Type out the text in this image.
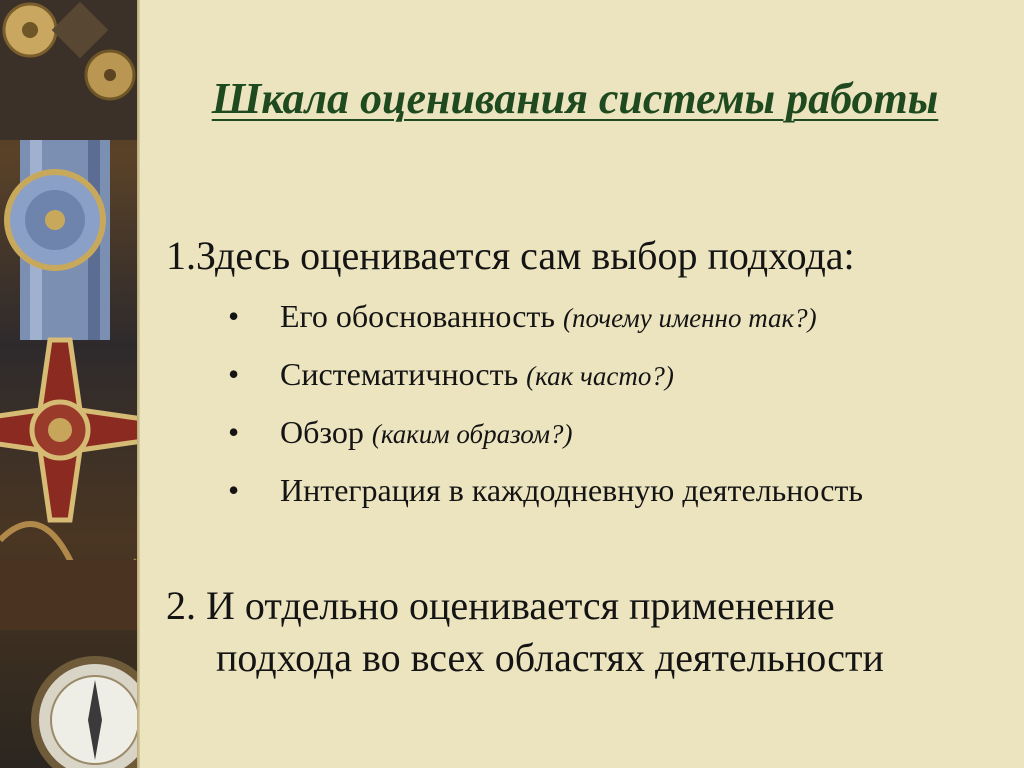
Шкала оценивания системы работы
1.Здесь оценивается сам выбор подхода:
• Его обоснованность (почему именно так?)
• Систематичность (как часто?)
• Обзор (каким образом?)
• Интеграция в каждодневную деятельность
2. И отдельно оценивается применение
подхода во всех областях деятельности
